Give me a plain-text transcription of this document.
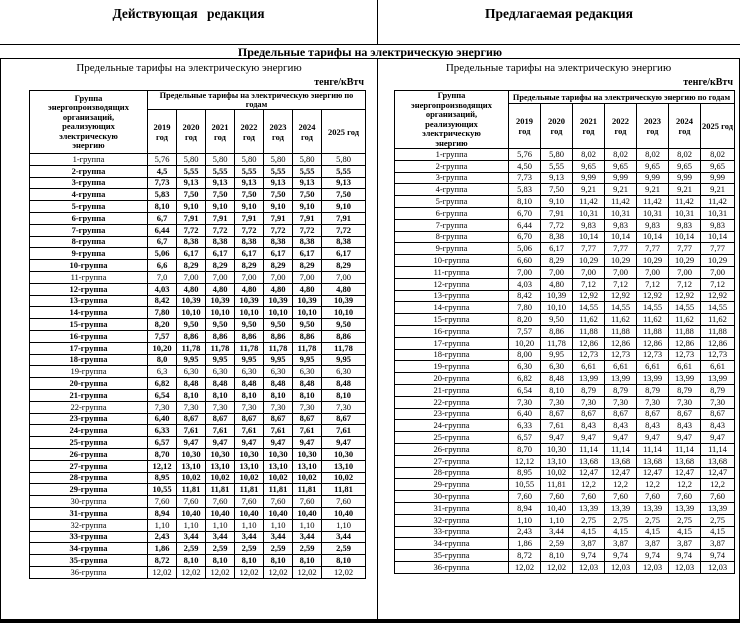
Действующая редакция	Предлагаемая редакция
Предельные тарифы на электрическую энергию
Предельные тарифы на электрическую энергию
тенге/кВтч
Группа энергопроизводящих организаций, реализующих электрическую энергию	Предельные тарифы на электрическую энергию по годам						
	2019 год	2020 год	2021 год	2022 год	2023 год	2024 год	2025 год
1-группа	5,76	5,80	5,80	5,80	5,80	5,80	5,80
2-группа	4,5	5,55	5,55	5,55	5,55	5,55	5,55
3-группа	7,73	9,13	9,13	9,13	9,13	9,13	9,13
4-группа	5,83	7,50	7,50	7,50	7,50	7,50	7,50
5-группа	8,10	9,10	9,10	9,10	9,10	9,10	9,10
6-группа	6,7	7,91	7,91	7,91	7,91	7,91	7,91
7-группа	6,44	7,72	7,72	7,72	7,72	7,72	7,72
8-группа	6,7	8,38	8,38	8,38	8,38	8,38	8,38
9-группа	5,06	6,17	6,17	6,17	6,17	6,17	6,17
10-группа	6,6	8,29	8,29	8,29	8,29	8,29	8,29
11-группа	7,0	7,00	7,00	7,00	7,00	7,00	7,00
12-группа	4,03	4,80	4,80	4,80	4,80	4,80	4,80
13-группа	8,42	10,39	10,39	10,39	10,39	10,39	10,39
14-группа	7,80	10,10	10,10	10,10	10,10	10,10	10,10
15-группа	8,20	9,50	9,50	9,50	9,50	9,50	9,50
16-группа	7,57	8,86	8,86	8,86	8,86	8,86	8,86
17-группа	10,20	11,78	11,78	11,78	11,78	11,78	11,78
18-группа	8,0	9,95	9,95	9,95	9,95	9,95	9,95
19-группа	6,3	6,30	6,30	6,30	6,30	6,30	6,30
20-группа	6,82	8,48	8,48	8,48	8,48	8,48	8,48
21-группа	6,54	8,10	8,10	8,10	8,10	8,10	8,10
22-группа	7,30	7,30	7,30	7,30	7,30	7,30	7,30
23-группа	6,40	8,67	8,67	8,67	8,67	8,67	8,67
24-группа	6,33	7,61	7,61	7,61	7,61	7,61	7,61
25-группа	6,57	9,47	9,47	9,47	9,47	9,47	9,47
26-группа	8,70	10,30	10,30	10,30	10,30	10,30	10,30
27-группа	12,12	13,10	13,10	13,10	13,10	13,10	13,10
28-группа	8,95	10,02	10,02	10,02	10,02	10,02	10,02
29-группа	10,55	11,81	11,81	11,81	11,81	11,81	11,81
30-группа	7,60	7,60	7,60	7,60	7,60	7,60	7,60
31-группа	8,94	10,40	10,40	10,40	10,40	10,40	10,40
32-группа	1,10	1,10	1,10	1,10	1,10	1,10	1,10
33-группа	2,43	3,44	3,44	3,44	3,44	3,44	3,44
34-группа	1,86	2,59	2,59	2,59	2,59	2,59	2,59
35-группа	8,72	8,10	8,10	8,10	8,10	8,10	8,10
36-группа	12,02	12,02	12,02	12,02	12,02	12,02	12,02
Предельные тарифы на электрическую энергию
тенге/кВтч
Группа энергопроизводящих организаций, реализующих электрическую энергию	Предельные тарифы на электрическую энергию по годам						
	2019 год	2020 год	2021 год	2022 год	2023 год	2024 год	2025 год
1-группа	5,76	5,80	8,02	8,02	8,02	8,02	8,02
2-группа	4,50	5,55	9,65	9,65	9,65	9,65	9,65
3-группа	7,73	9,13	9,99	9,99	9,99	9,99	9,99
4-группа	5,83	7,50	9,21	9,21	9,21	9,21	9,21
5-группа	8,10	9,10	11,42	11,42	11,42	11,42	11,42
6-группа	6,70	7,91	10,31	10,31	10,31	10,31	10,31
7-группа	6,44	7,72	9,83	9,83	9,83	9,83	9,83
8-группа	6,70	8,38	10,14	10,14	10,14	10,14	10,14
9-группа	5,06	6,17	7,77	7,77	7,77	7,77	7,77
10-группа	6,60	8,29	10,29	10,29	10,29	10,29	10,29
11-группа	7,00	7,00	7,00	7,00	7,00	7,00	7,00
12-группа	4,03	4,80	7,12	7,12	7,12	7,12	7,12
13-группа	8,42	10,39	12,92	12,92	12,92	12,92	12,92
14-группа	7,80	10,10	14,55	14,55	14,55	14,55	14,55
15-группа	8,20	9,50	11,62	11,62	11,62	11,62	11,62
16-группа	7,57	8,86	11,88	11,88	11,88	11,88	11,88
17-группа	10,20	11,78	12,86	12,86	12,86	12,86	12,86
18-группа	8,00	9,95	12,73	12,73	12,73	12,73	12,73
19-группа	6,30	6,30	6,61	6,61	6,61	6,61	6,61
20-группа	6,82	8,48	13,99	13,99	13,99	13,99	13,99
21-группа	6,54	8,10	8,79	8,79	8,79	8,79	8,79
22-группа	7,30	7,30	7,30	7,30	7,30	7,30	7,30
23-группа	6,40	8,67	8,67	8,67	8,67	8,67	8,67
24-группа	6,33	7,61	8,43	8,43	8,43	8,43	8,43
25-группа	6,57	9,47	9,47	9,47	9,47	9,47	9,47
26-группа	8,70	10,30	11,14	11,14	11,14	11,14	11,14
27-группа	12,12	13,10	13,68	13,68	13,68	13,68	13,68
28-группа	8,95	10,02	12,47	12,47	12,47	12,47	12,47
29-группа	10,55	11,81	12,2	12,2	12,2	12,2	12,2
30-группа	7,60	7,60	7,60	7,60	7,60	7,60	7,60
31-группа	8,94	10,40	13,39	13,39	13,39	13,39	13,39
32-группа	1,10	1,10	2,75	2,75	2,75	2,75	2,75
33-группа	2,43	3,44	4,15	4,15	4,15	4,15	4,15
34-группа	1,86	2,59	3,87	3,87	3,87	3,87	3,87
35-группа	8,72	8,10	9,74	9,74	9,74	9,74	9,74
36-группа	12,02	12,02	12,03	12,03	12,03	12,03	12,03
